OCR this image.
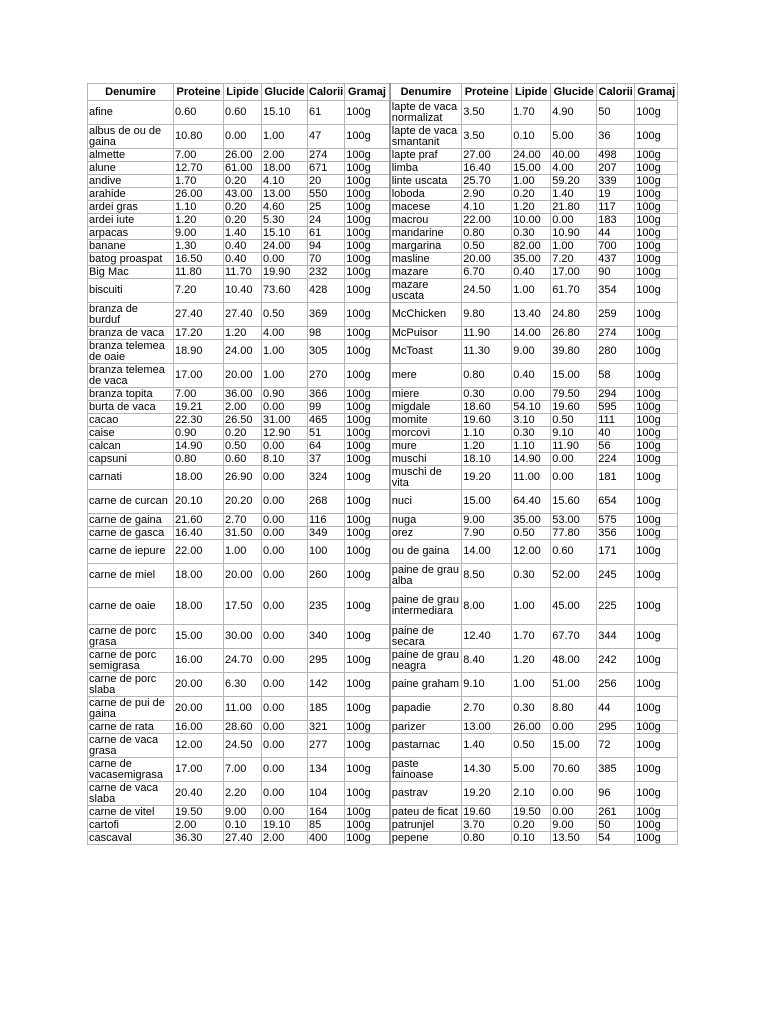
Denumire	Proteine	Lipide	Glucide	Calorii	Gramaj	Denumire	Proteine	Lipide	Glucide	Calorii	Gramaj
afine	0.60	0.60	15.10	61	100g	lapte de vaca normalizat	3.50	1.70	4.90	50	100g
albus de ou de gaina	10.80	0.00	1.00	47	100g	lapte de vaca smantanit	3.50	0.10	5.00	36	100g
almette	7.00	26.00	2.00	274	100g	lapte praf	27.00	24.00	40.00	498	100g
alune	12.70	61.00	18.00	671	100g	limba	16.40	15.00	4.00	207	100g
andive	1.70	0.20	4.10	20	100g	linte uscata	25.70	1.00	59.20	339	100g
arahide	26.00	43.00	13.00	550	100g	loboda	2.90	0.20	1.40	19	100g
ardei gras	1.10	0.20	4.60	25	100g	macese	4.10	1.20	21.80	117	100g
ardei iute	1.20	0.20	5.30	24	100g	macrou	22.00	10.00	0.00	183	100g
arpacas	9.00	1.40	15.10	61	100g	mandarine	0.80	0.30	10.90	44	100g
banane	1.30	0.40	24.00	94	100g	margarina	0.50	82.00	1.00	700	100g
batog proaspat	16.50	0.40	0.00	70	100g	masline	20.00	35.00	7.20	437	100g
Big Mac	11.80	11.70	19.90	232	100g	mazare	6.70	0.40	17.00	90	100g
biscuiti	7.20	10.40	73.60	428	100g	mazare uscata	24.50	1.00	61.70	354	100g
branza de burduf	27.40	27.40	0.50	369	100g	McChicken	9.80	13.40	24.80	259	100g
branza de vaca	17.20	1.20	4.00	98	100g	McPuisor	11.90	14.00	26.80	274	100g
branza telemea de oaie	18.90	24.00	1.00	305	100g	McToast	11.30	9.00	39.80	280	100g
branza telemea de vaca	17.00	20.00	1.00	270	100g	mere	0.80	0.40	15.00	58	100g
branza topita	7.00	36.00	0.90	366	100g	miere	0.30	0.00	79.50	294	100g
burta de vaca	19.21	2.00	0.00	99	100g	migdale	18.60	54.10	19.60	595	100g
cacao	22.30	26.50	31.00	465	100g	momite	19.60	3.10	0.50	111	100g
caise	0.90	0.20	12.90	51	100g	morcovi	1.10	0.30	9.10	40	100g
calcan	14.90	0.50	0.00	64	100g	mure	1.20	1.10	11.90	56	100g
capsuni	0.80	0.60	8.10	37	100g	muschi	18.10	14.90	0.00	224	100g
carnati	18.00	26.90	0.00	324	100g	muschi de vita	19.20	11.00	0.00	181	100g
carne de curcan	20.10	20.20	0.00	268	100g	nuci	15.00	64.40	15.60	654	100g
carne de gaina	21.60	2.70	0.00	116	100g	nuga	9.00	35.00	53.00	575	100g
carne de gasca	16.40	31.50	0.00	349	100g	orez	7.90	0.50	77.80	356	100g
carne de iepure	22.00	1.00	0.00	100	100g	ou de gaina	14.00	12.00	0.60	171	100g
carne de miel	18.00	20.00	0.00	260	100g	paine de grau alba	8.50	0.30	52.00	245	100g
carne de oaie	18.00	17.50	0.00	235	100g	paine de grau intermediara	8.00	1.00	45.00	225	100g
carne de porc grasa	15.00	30.00	0.00	340	100g	paine de secara	12.40	1.70	67.70	344	100g
carne de porc semigrasa	16.00	24.70	0.00	295	100g	paine de grau neagra	8.40	1.20	48.00	242	100g
carne de porc slaba	20.00	6.30	0.00	142	100g	paine graham	9.10	1.00	51.00	256	100g
carne de pui de gaina	20.00	11.00	0.00	185	100g	papadie	2.70	0.30	8.80	44	100g
carne de rata	16.00	28.60	0.00	321	100g	parizer	13.00	26.00	0.00	295	100g
carne de vaca grasa	12.00	24.50	0.00	277	100g	pastarnac	1.40	0.50	15.00	72	100g
carne de vacasemigrasa	17.00	7.00	0.00	134	100g	paste fainoase	14.30	5.00	70.60	385	100g
carne de vaca slaba	20.40	2.20	0.00	104	100g	pastrav	19.20	2.10	0.00	96	100g
carne de vitel	19.50	9.00	0.00	164	100g	pateu de ficat	19.60	19.50	0.00	261	100g
cartofi	2.00	0.10	19.10	85	100g	patrunjel	3.70	0.20	9.00	50	100g
cascaval	36.30	27.40	2.00	400	100g	pepene	0.80	0.10	13.50	54	100g
